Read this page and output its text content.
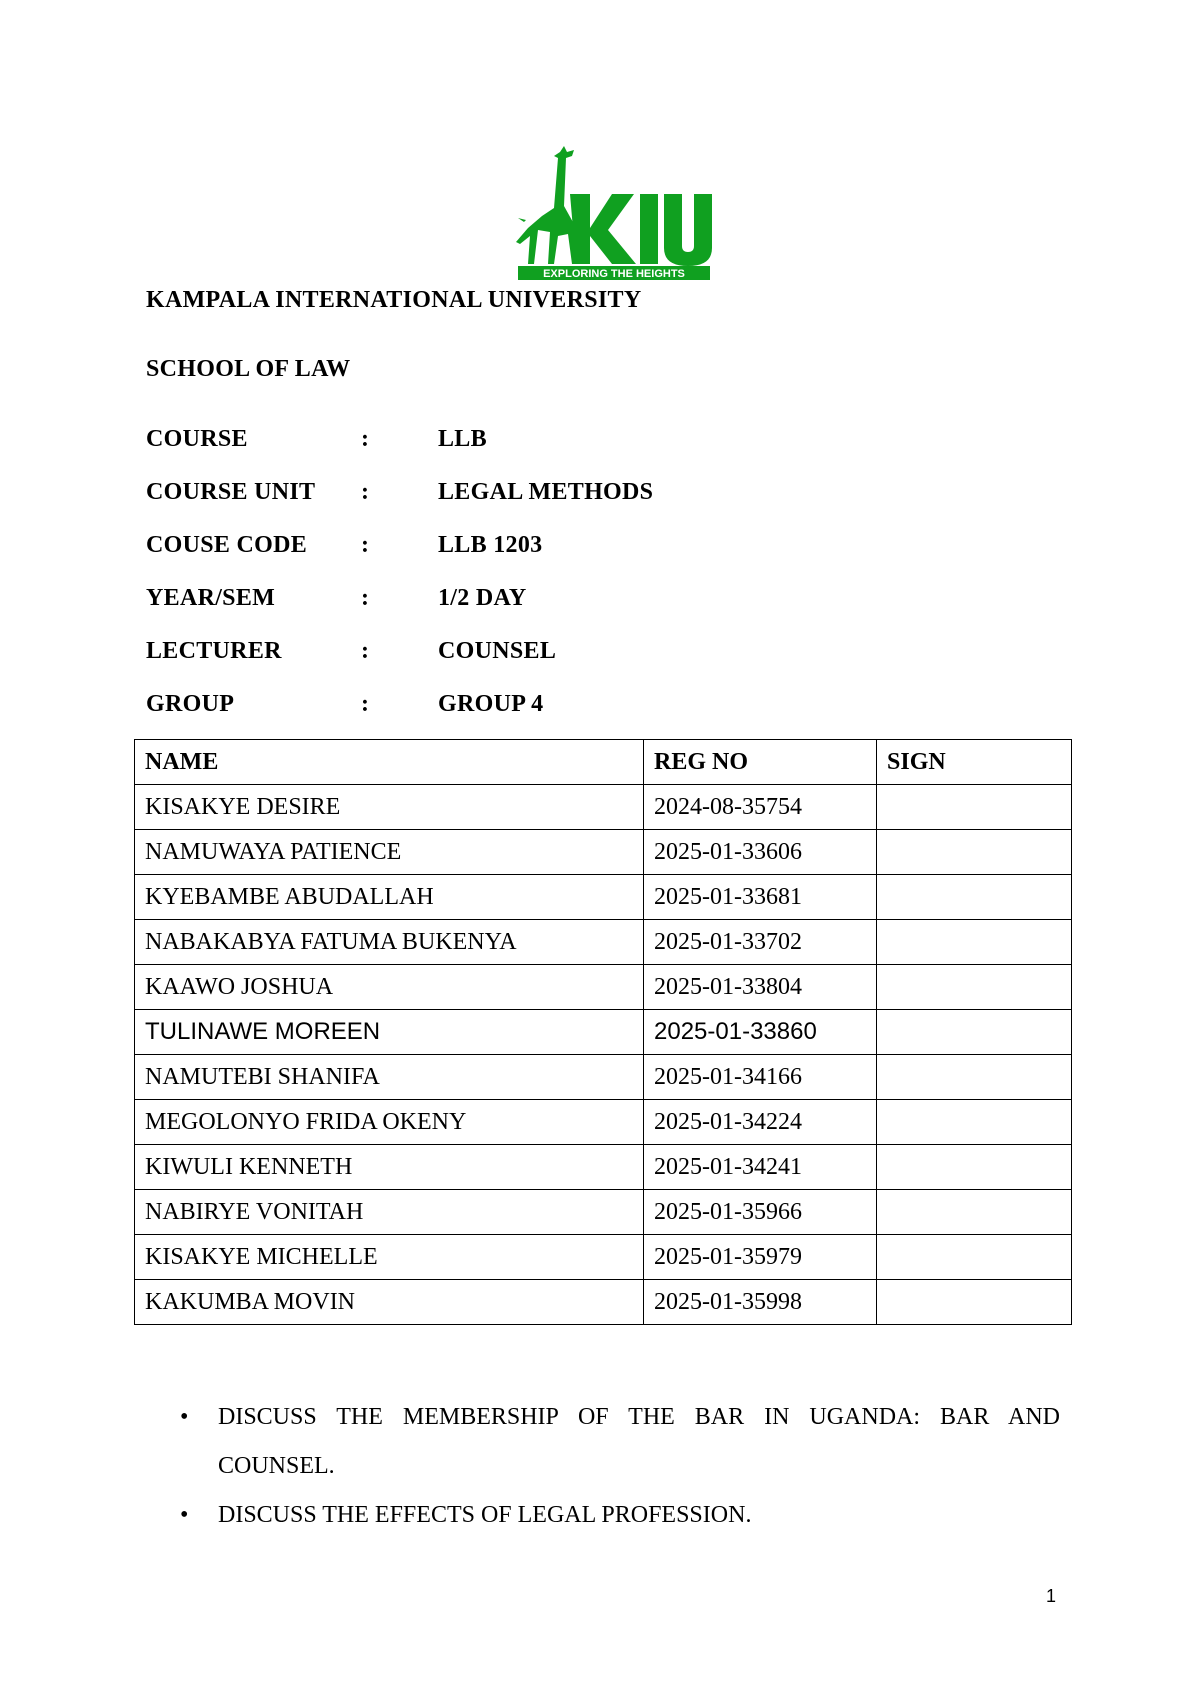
EXPLORING THE HEIGHTS
KAMPALA INTERNATIONAL UNIVERSITY
SCHOOL OF LAW
COURSE	:	LLB
COURSE UNIT	:	LEGAL METHODS
COUSE CODE	:	LLB 1203
YEAR/SEM	:	1/2 DAY
LECTURER	:	COUNSEL
GROUP	:	GROUP 4
NAME	REG NO	SIGN
KISAKYE DESIRE	2024-08-35754	
NAMUWAYA PATIENCE	2025-01-33606	
KYEBAMBE ABUDALLAH	2025-01-33681	
NABAKABYA FATUMA BUKENYA	2025-01-33702	
KAAWO JOSHUA	2025-01-33804	
TULINAWE MOREEN	2025-01-33860	
NAMUTEBI SHANIFA	2025-01-34166	
MEGOLONYO FRIDA OKENY	2025-01-34224	
KIWULI KENNETH	2025-01-34241	
NABIRYE VONITAH	2025-01-35966	
KISAKYE MICHELLE	2025-01-35979	
KAKUMBA MOVIN	2025-01-35998	
•	DISCUSS THE MEMBERSHIP OF THE BAR IN UGANDA: BAR AND COUNSEL.
•	DISCUSS THE EFFECTS OF LEGAL PROFESSION.
1
